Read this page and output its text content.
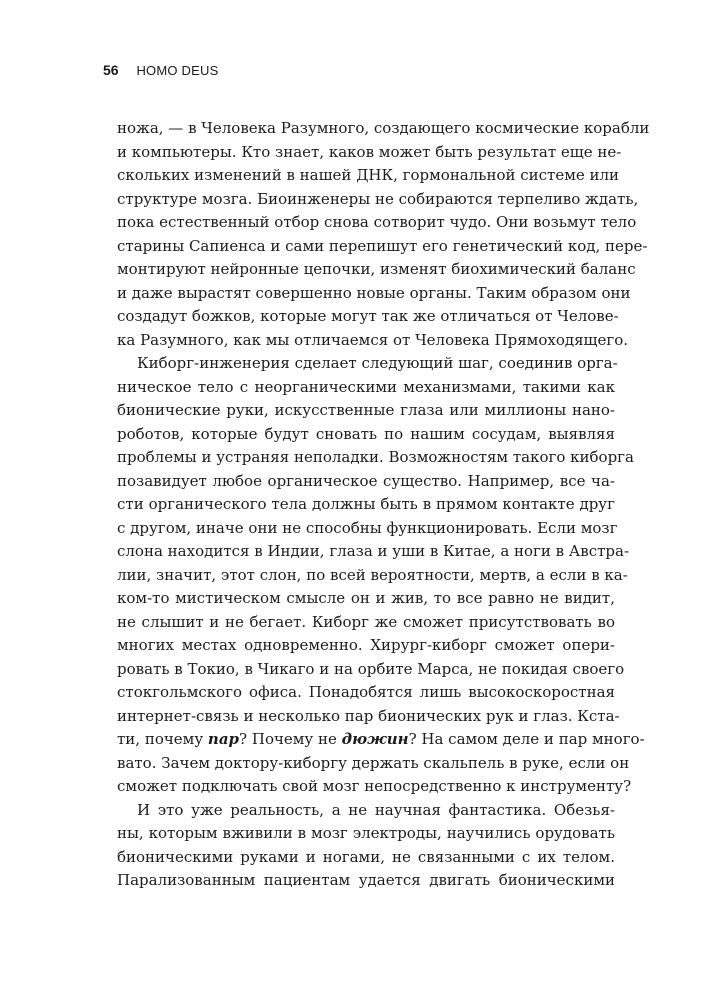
56 HOMO DEUS
ножа, — в Человека Разумного, создающего космические корабли
и компьютеры. Кто знает, каков может быть результат еще не-
скольких изменений в нашей ДНК, гормональной системе или
структуре мозга. Биоинженеры не собираются терпеливо ждать,
пока естественный отбор снова сотворит чудо. Они возьмут тело
старины Сапиенса и сами перепишут его генетический код, пере-
монтируют нейронные цепочки, изменят биохимический баланс
и даже вырастят совершенно новые органы. Таким образом они
создадут божков, которые могут так же отличаться от Челове-
ка Разумного, как мы отличаемся от Человека Прямоходящего.
Киборг-инженерия сделает следующий шаг, соединив орга-
ническое тело с неорганическими механизмами, такими как
бионические руки, искусственные глаза или миллионы нано-
роботов, которые будут сновать по нашим сосудам, выявляя
проблемы и устраняя неполадки. Возможностям такого киборга
позавидует любое органическое существо. Например, все ча-
сти органического тела должны быть в прямом контакте друг
с другом, иначе они не способны функционировать. Если мозг
слона находится в Индии, глаза и уши в Китае, а ноги в Австра-
лии, значит, этот слон, по всей вероятности, мертв, а если в ка-
ком-то мистическом смысле он и жив, то все равно не видит,
не слышит и не бегает. Киборг же сможет присутствовать во
многих местах одновременно. Хирург-киборг сможет опери-
ровать в Токио, в Чикаго и на орбите Марса, не покидая своего
стокгольмского офиса. Понадобятся лишь высокоскоростная
интернет-связь и несколько пар бионических рук и глаз. Кста-
ти, почему пар? Почему не дюжин? На самом деле и пар много-
вато. Зачем доктору-киборгу держать скальпель в руке, если он
сможет подключать свой мозг непосредственно к инструменту?
И это уже реальность, а не научная фантастика. Обезья-
ны, которым вживили в мозг электроды, научились орудовать
бионическими руками и ногами, не связанными с их телом.
Парализованным пациентам удается двигать бионическими
